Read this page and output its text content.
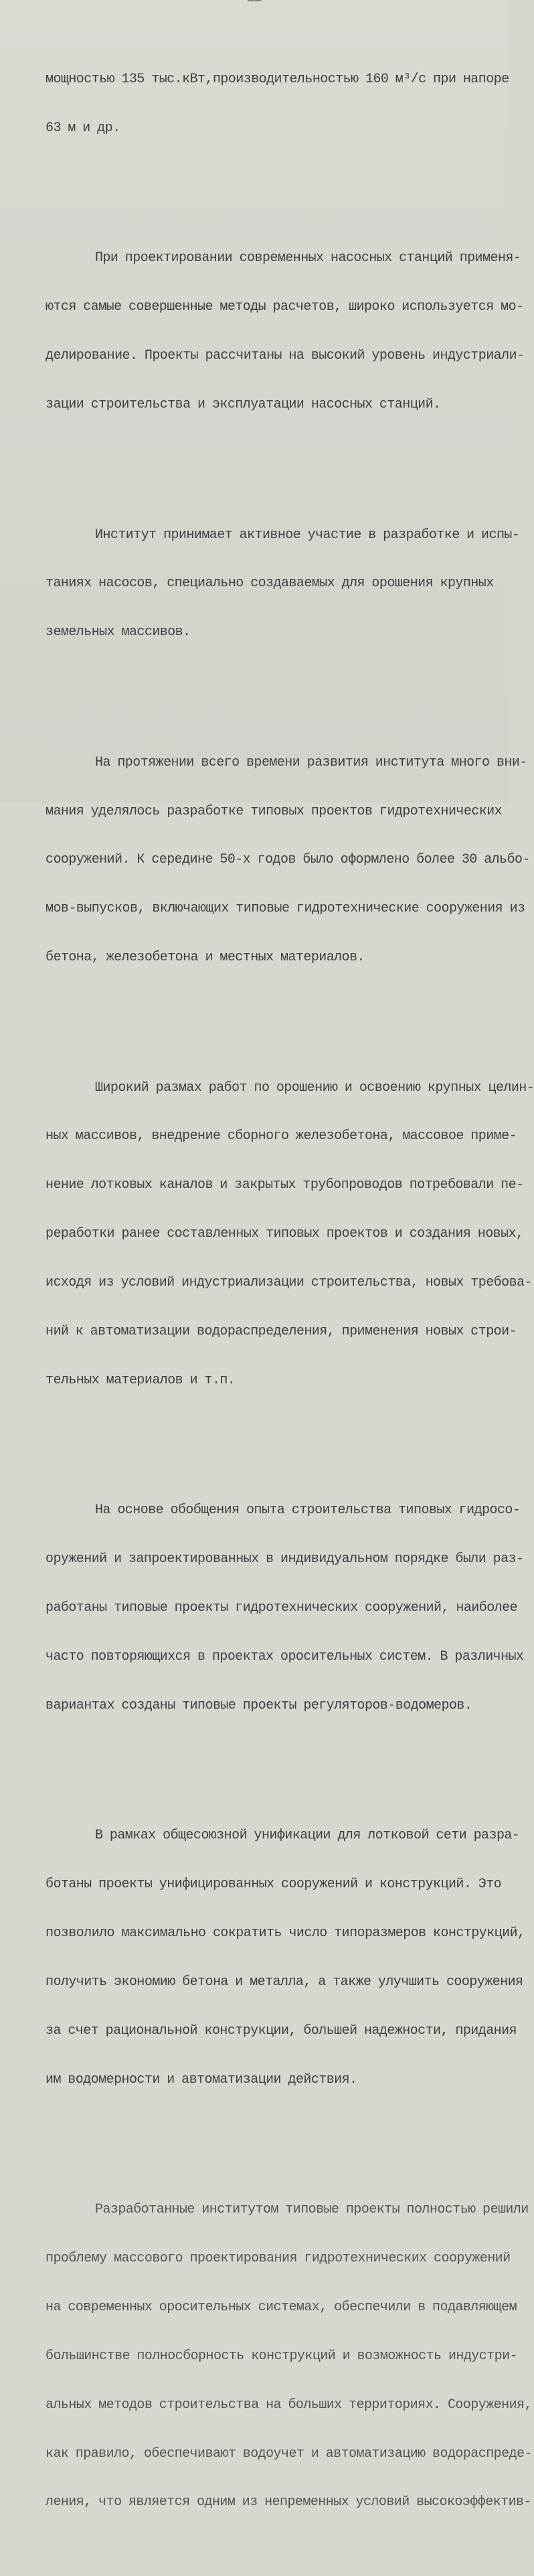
——

мощностью 135 тыс.кВт,производительностью 160 м³/с при напоре

63 м и др.

При проектировании современных насосных станций применя-

ются самые совершенные методы расчетов, широко используется мо-

делирование. Проекты рассчитаны на высокий уровень индустриали-

зации строительства и эксплуатации насосных станций.

Институт принимает активное участие в разработке и испы-

таниях насосов, специально создаваемых для орошения крупных

земельных массивов.

На протяжении всего времени развития института много вни-

мания уделялось разработке типовых проектов гидротехнических

сооружений. К середине 50-х годов было оформлено более 30 альбо-

мов-выпусков, включающих типовые гидротехнические сооружения из

бетона, железобетона и местных материалов.

Широкий размах работ по орошению и освоению крупных целин-

ных массивов, внедрение сборного железобетона, массовое приме-

нение лотковых каналов и закрытых трубопроводов потребовали пе-

реработки ранее составленных типовых проектов и создания новых,

исходя из условий индустриализации строительства, новых требова-

ний к автоматизации водораспределения, применения новых строи-

тельных материалов и т.п.

На основе обобщения опыта строительства типовых гидросо-

оружений и запроектированных в индивидуальном порядке были раз-

работаны типовые проекты гидротехнических сооружений, наиболее

часто повторяющихся в проектах оросительных систем. В различных

вариантах созданы типовые проекты регуляторов-водомеров.

В рамках общесоюзной унификации для лотковой сети разра-

ботаны проекты унифицированных сооружений и конструкций. Это

позволило максимально сократить число типоразмеров конструкций,

получить экономию бетона и металла, а также улучшить сооружения

за счет рациональной конструкции, большей надежности, придания

им водомерности и автоматизации действия.

Разработанные институтом типовые проекты полностью решили

проблему массового проектирования гидротехнических сооружений

на современных оросительных системах, обеспечили в подавляющем

большинстве полносборность конструкций и возможность индустри-

альных методов строительства на больших территориях. Сооружения,

как правило, обеспечивают водоучет и автоматизацию водораспреде-

ления, что является одним из непременных условий высокоэффектив-
